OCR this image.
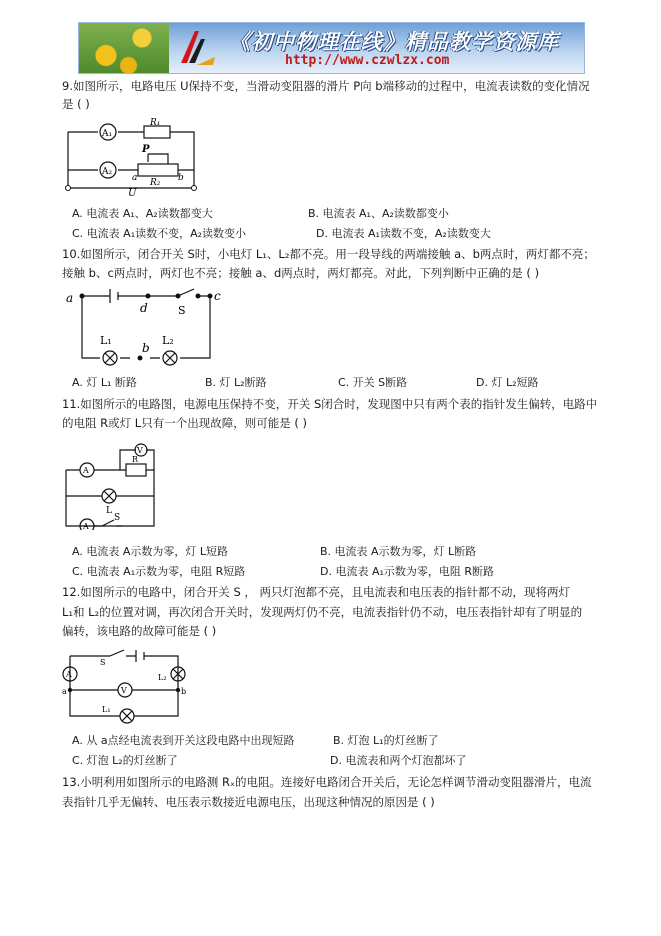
《初中物理在线》精品教学资源库
http://www.czwlzx.com
9.如图所示，电路电压 U保持不变，当滑动变阻器的滑片 P向 b端移动的过程中，电流表读数的变化情况
是 ( )
A₁
A₂
R₁
P
a R₂ b
U
A. 电流表 A₁、A₂读数都变大	B. 电流表 A₁、A₂读数都变小
C. 电流表 A₁读数不变，A₂读数变小	D. 电流表 A₁读数不变，A₂读数变大
10.如图所示，闭合开关 S时，小电灯 L₁、L₂都不亮。用一段导线的两端接触 a、b两点时，两灯都不亮；
接触 b、c两点时，两灯也不亮；接触 a、d两点时，两灯都亮。对此，下列判断中正确的是 ( )
a
d	S
c
L₁
b
L₂
A. 灯 L₁ 断路	B. 灯 L₂断路	C. 开关 S断路	D. 灯 L₂短路
11.如图所示的电路图，电源电压保持不变，开关 S闭合时，发现图中只有两个表的指针发生偏转，电路中
的电阻 R或灯 L只有一个出现故障，则可能是 ( )
V
R
A
L
A
S
A. 电流表 A示数为零，灯 L短路	B. 电流表 A示数为零，灯 L断路
C. 电流表 A₁示数为零，电阻 R短路	D. 电流表 A₁示数为零，电阻 R断路
12.如图所示的电路中，闭合开关 S ， 两只灯泡都不亮，且电流表和电压表的指针都不动，现将两灯
L₁和 L₂的位置对调，再次闭合开关时，发现两灯仍不亮，电流表指针仍不动，电压表指针却有了明显的
偏转，该电路的故障可能是 ( )
S
A	L₂
a	V	b
L₁
A. 从 a点经电流表到开关这段电路中出现短路	B. 灯泡 L₁的灯丝断了
C. 灯泡 L₂的灯丝断了	D. 电流表和两个灯泡都坏了
13.小明利用如图所示的电路测 Rₓ的电阻。连接好电路闭合开关后，无论怎样调节滑动变阻器滑片，电流
表指针几乎无偏转、电压表示数接近电源电压，出现这种情况的原因是 ( )
